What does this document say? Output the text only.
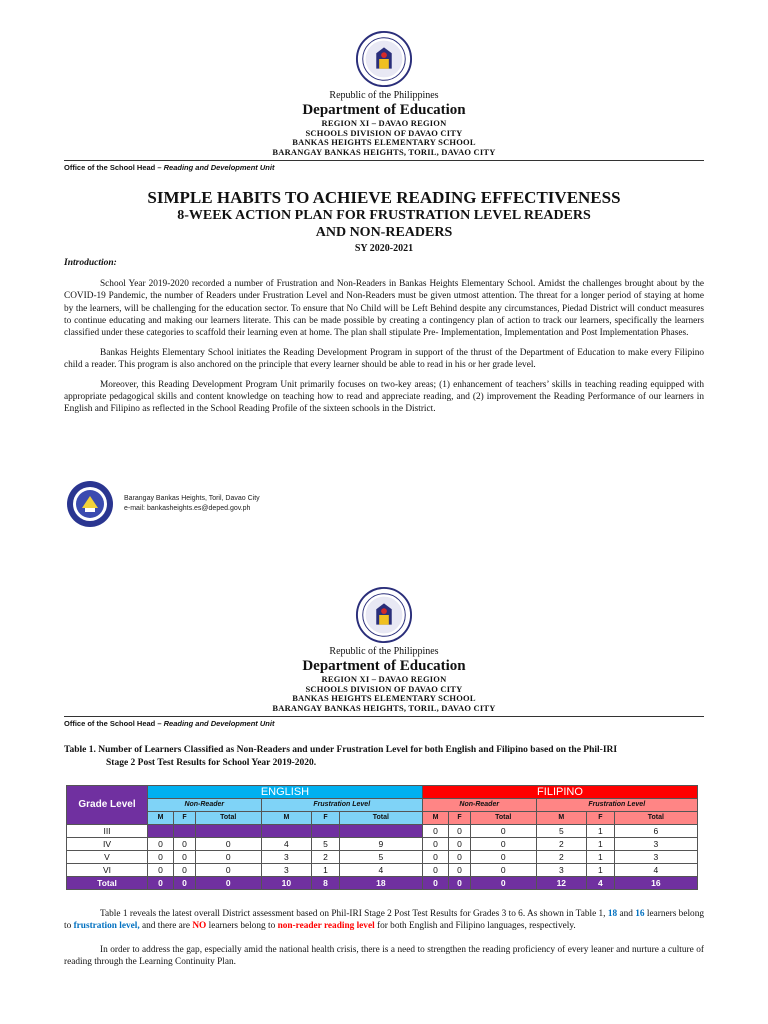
Republic of the Philippines
Department of Education
REGION XI – DAVAO REGION
SCHOOLS DIVISION OF DAVAO CITY
BANKAS HEIGHTS ELEMENTARY SCHOOL
BARANGAY BANKAS HEIGHTS, TORIL, DAVAO CITY
Office of the School Head – Reading and Development Unit
SIMPLE HABITS TO ACHIEVE READING EFFECTIVENESS
8-WEEK ACTION PLAN FOR FRUSTRATION LEVEL READERS
AND NON-READERS
SY 2020-2021
Introduction:
School Year 2019-2020 recorded a number of Frustration and Non-Readers in Bankas Heights Elementary School. Amidst the challenges brought about by the COVID-19 Pandemic, the number of Readers under Frustration Level and Non-Readers must be given utmost attention. The threat for a longer period of staying at home by the learners, will be challenging for the education sector. To ensure that No Child will be Left Behind despite any circumstances, Piedad District will conduct measures to continue educating and making our learners literate. This can be made possible by creating a contingency plan of action to track our learners, specifically the learners classified under these categories to scaffold their learning even at home. The plan shall stipulate Pre- Implementation, Implementation and Post Implementation Phases.
Bankas Heights Elementary School initiates the Reading Development Program in support of the thrust of the Department of Education to make every Filipino child a reader. This program is also anchored on the principle that every learner should be able to read in his or her grade level.
Moreover, this Reading Development Program Unit primarily focuses on two-key areas; (1) enhancement of teachers’ skills in teaching reading equipped with appropriate pedagogical skills and content knowledge on teaching how to read and appreciate reading, and (2) improvement the Reading Performance of our learners in English and Filipino as reflected in the School Reading Profile of the sixteen schools in the District.
Barangay Bankas Heights, Toril, Davao City
e-mail: bankasheights.es@deped.gov.ph
Republic of the Philippines
Department of Education
REGION XI – DAVAO REGION
SCHOOLS DIVISION OF DAVAO CITY
BANKAS HEIGHTS ELEMENTARY SCHOOL
BARANGAY BANKAS HEIGHTS, TORIL, DAVAO CITY
Office of the School Head – Reading and Development Unit
Table 1. Number of Learners Classified as Non-Readers and under Frustration Level for both English and Filipino based on the Phil-IRI
Stage 2 Post Test Results for School Year 2019-2020.
Grade Level	ENGLISH						FILIPINO					
	Non-Reader			Frustration Level			Non-Reader			Frustration Level		
	M	F	Total	M	F	Total	M	F	Total	M	F	Total
III							0	0	0	5	1	6
IV	0	0	0	4	5	9	0	0	0	2	1	3
V	0	0	0	3	2	5	0	0	0	2	1	3
VI	0	0	0	3	1	4	0	0	0	3	1	4
Total	0	0	0	10	8	18	0	0	0	12	4	16
Table 1 reveals the latest overall District assessment based on Phil-IRI Stage 2 Post Test Results for Grades 3 to 6. As shown in Table 1, 18 and 16 learners belong to frustration level, and there are NO learners belong to non-reader reading level for both English and Filipino languages, respectively.
In order to address the gap, especially amid the national health crisis, there is a need to strengthen the reading proficiency of every leaner and nurture a culture of reading through the Learning Continuity Plan.
